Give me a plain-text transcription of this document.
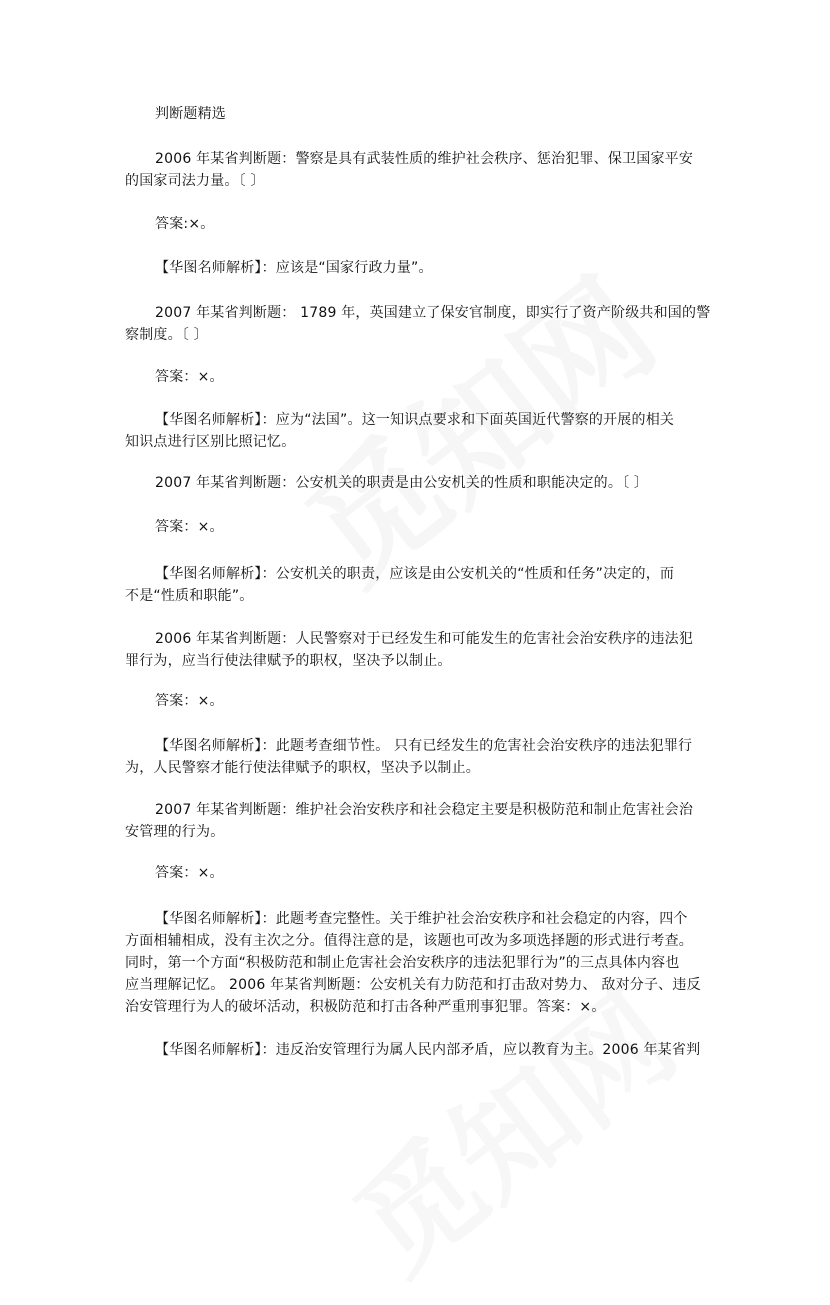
判断题精选

2006 年某省判断题：警察是具有武装性质的维护社会秩序、惩治犯罪、保卫国家平安
的国家司法力量。〔 〕

答案:×。

【华图名师解析】：应该是“国家行政力量”。

2007 年某省判断题： 1789 年，英国建立了保安官制度，即实行了资产阶级共和国的警
察制度。〔 〕

答案：×。

【华图名师解析】：应为“法国”。这一知识点要求和下面英国近代警察的开展的相关
知识点进行区别比照记忆。

2007 年某省判断题：公安机关的职责是由公安机关的性质和职能决定的。〔 〕

答案：×。

【华图名师解析】：公安机关的职责，应该是由公安机关的“性质和任务”决定的，而
不是“性质和职能”。

2006 年某省判断题：人民警察对于已经发生和可能发生的危害社会治安秩序的违法犯
罪行为，应当行使法律赋予的职权，坚决予以制止。

答案：×。

【华图名师解析】：此题考查细节性。 只有已经发生的危害社会治安秩序的违法犯罪行
为，人民警察才能行使法律赋予的职权，坚决予以制止。

2007 年某省判断题：维护社会治安秩序和社会稳定主要是积极防范和制止危害社会治
安管理的行为。

答案：×。

【华图名师解析】：此题考查完整性。关于维护社会治安秩序和社会稳定的内容，四个
方面相辅相成，没有主次之分。值得注意的是，该题也可改为多项选择题的形式进行考查。
同时，第一个方面“积极防范和制止危害社会治安秩序的违法犯罪行为”的三点具体内容也
应当理解记忆。 2006 年某省判断题：公安机关有力防范和打击敌对势力、 敌对分子、违反
治安管理行为人的破坏活动，积极防范和打击各种严重刑事犯罪。答案：×。

【华图名师解析】：违反治安管理行为属人民内部矛盾，应以教育为主。2006 年某省判
